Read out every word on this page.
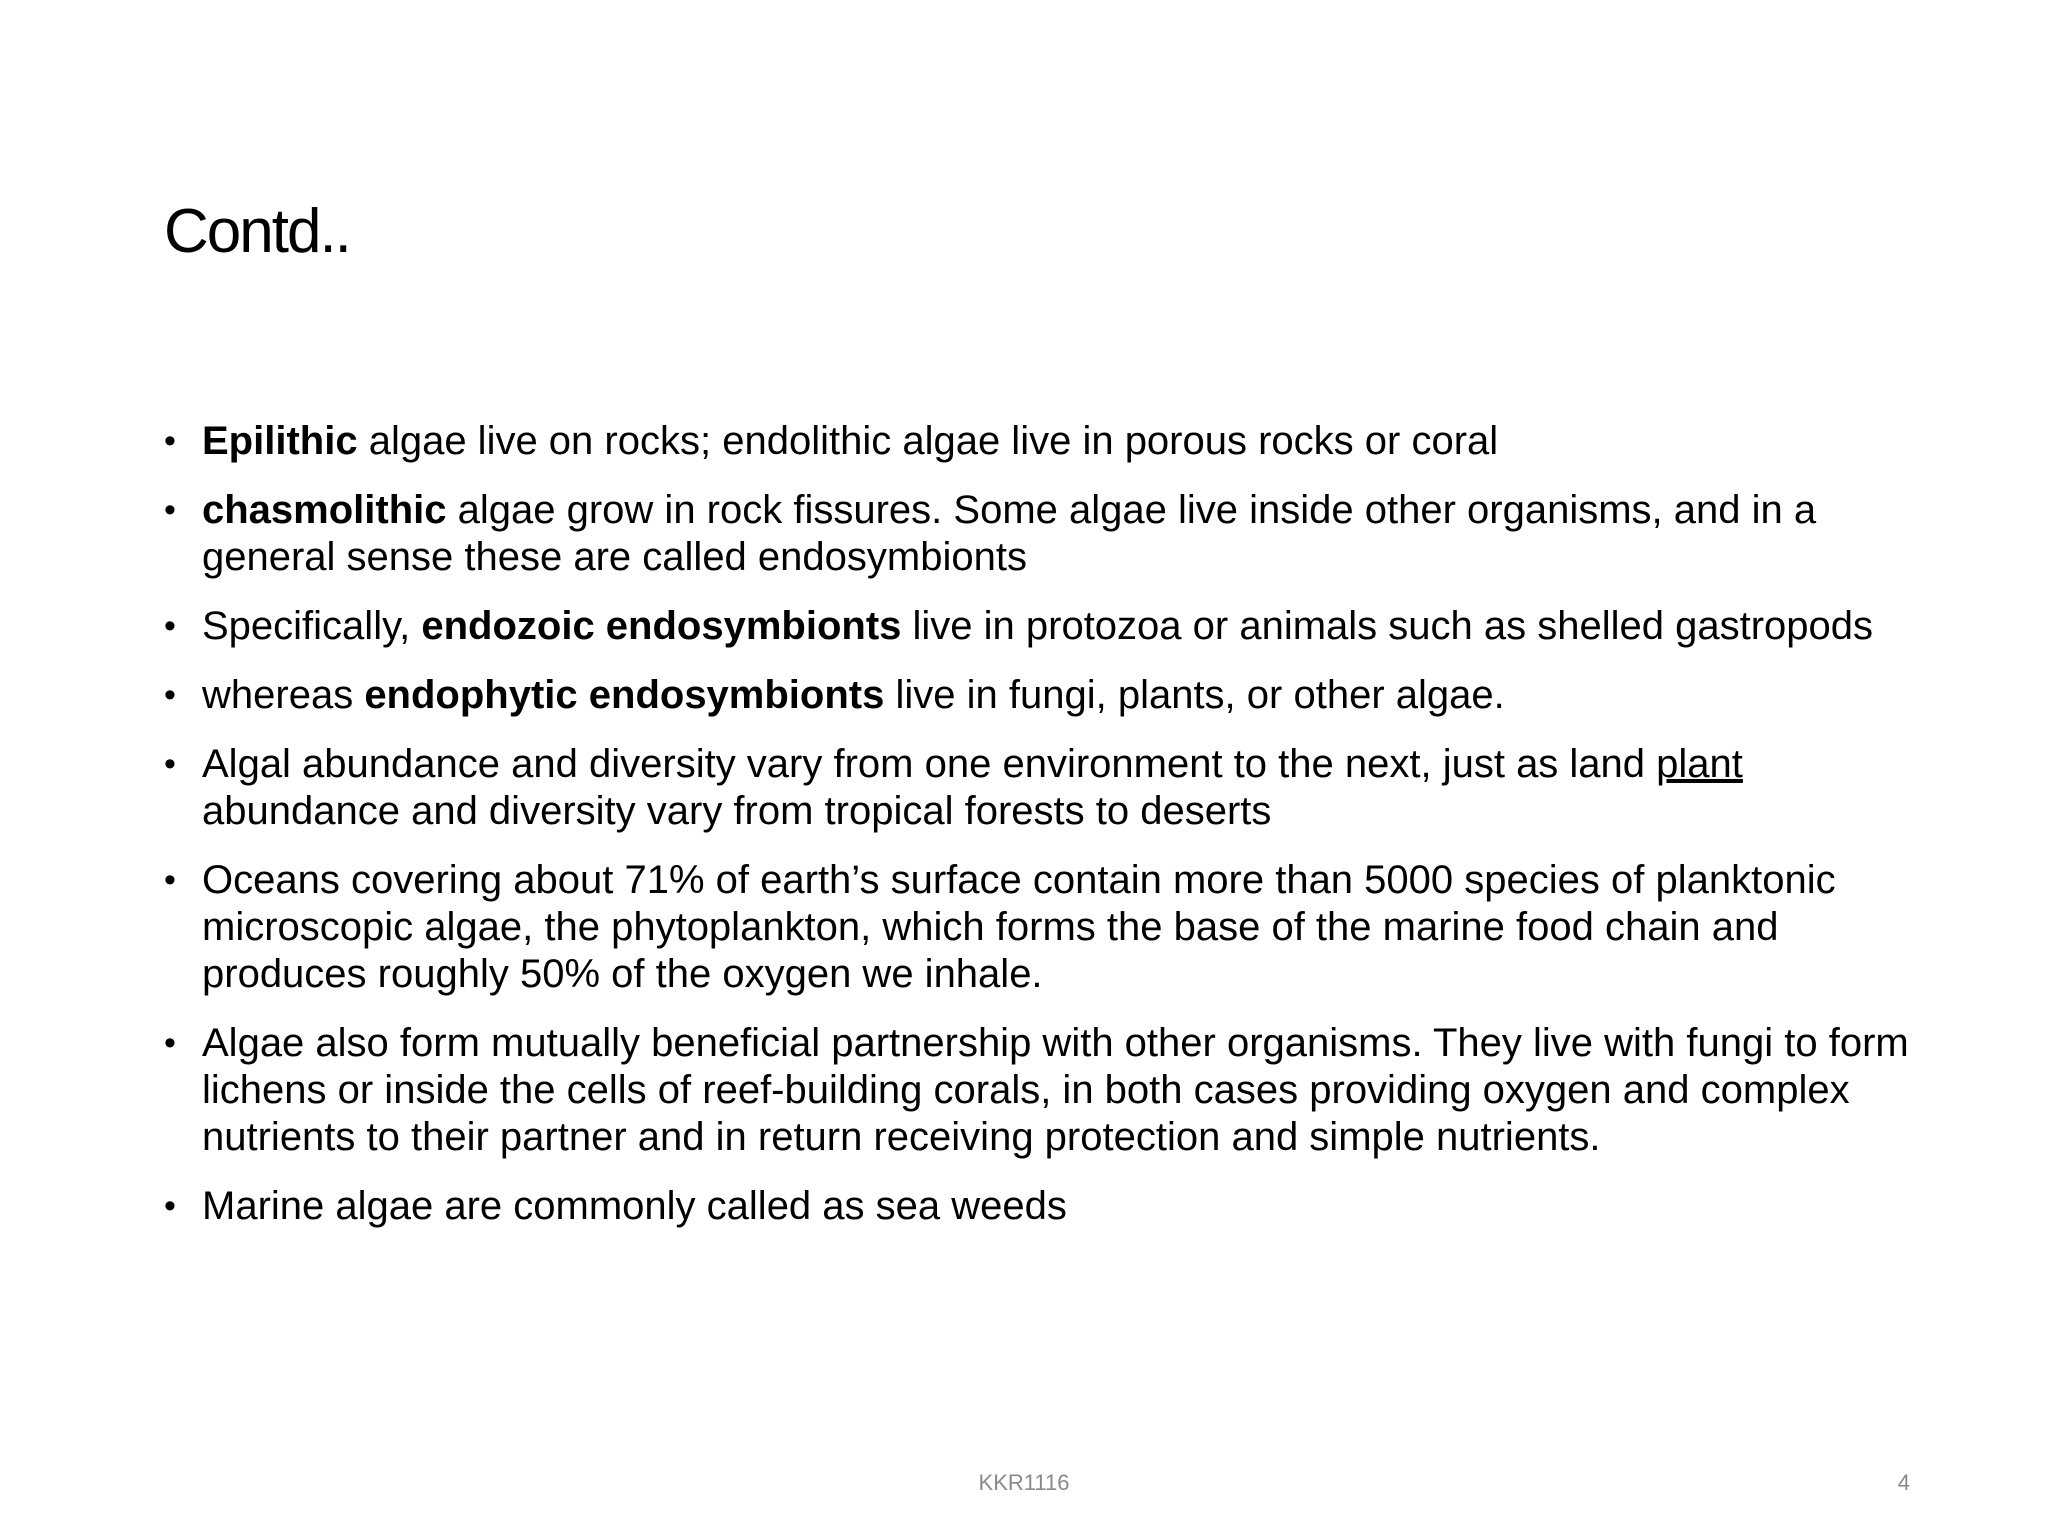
Contd..
• Epilithic algae live on rocks; endolithic algae live in porous rocks or coral
• chasmolithic algae grow in rock fissures. Some algae live inside other organisms, and in a general sense these are called endosymbionts
• Specifically, endozoic endosymbionts live in protozoa or animals such as shelled gastropods
• whereas endophytic endosymbionts live in fungi, plants, or other algae.
• Algal abundance and diversity vary from one environment to the next, just as land plant abundance and diversity vary from tropical forests to deserts
• Oceans covering about 71% of earth’s surface contain more than 5000 species of planktonic microscopic algae, the phytoplankton, which forms the base of the marine food chain and produces roughly 50% of the oxygen we inhale.
• Algae also form mutually beneficial partnership with other organisms. They live with fungi to form lichens or inside the cells of reef-building corals, in both cases providing oxygen and complex nutrients to their partner and in return receiving protection and simple nutrients.
• Marine algae are commonly called as sea weeds
KKR1116	4
